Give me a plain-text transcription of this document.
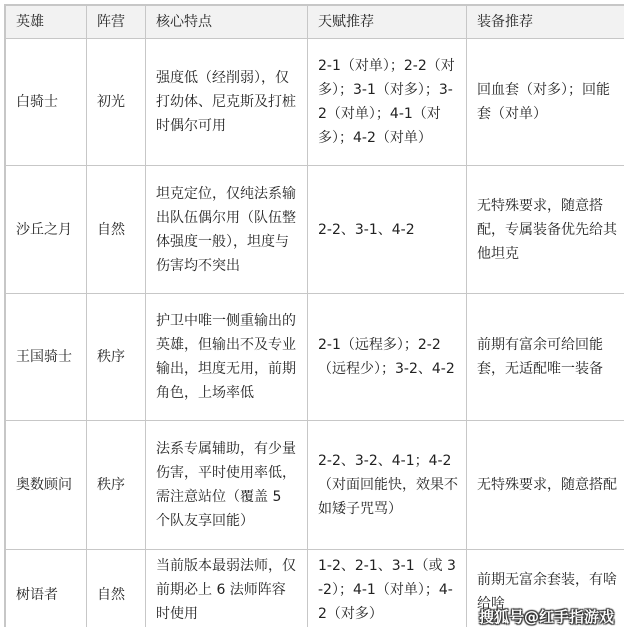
英雄	阵营	核心特点	天赋推荐	装备推荐
白骑士	初光	强度低（经削弱），仅打幼体、尼克斯及打桩时偶尔可用	2-1（对单）；2-2（对多）；3-1（对多）；3-2（对单）；4-1（对多）；4-2（对单）	回血套（对多）；回能套（对单）
沙丘之月	自然	坦克定位，仅纯法系输出队伍偶尔用（队伍整体强度一般），坦度与伤害均不突出	2-2、3-1、4-2	无特殊要求，随意搭配，专属装备优先给其他坦克
王国骑士	秩序	护卫中唯一侧重输出的英雄，但输出不及专业输出，坦度无用，前期角色，上场率低	2-1（远程多）；2-2（远程少）；3-2、4-2	前期有富余可给回能套，无适配唯一装备
奥数顾问	秩序	法系专属辅助，有少量伤害，平时使用率低，需注意站位（覆盖 5 个队友享回能）	2-2、3-2、4-1；4-2（对面回能快，效果不如矮子咒骂）	无特殊要求，随意搭配
树语者	自然	当前版本最弱法师，仅前期必上 6 法师阵容时使用	1-2、2-1、3-1（或 3-2）；4-1（对单）；4-2（对多）	前期无富余套装，有啥给啥
搜狐号@红手指游戏
